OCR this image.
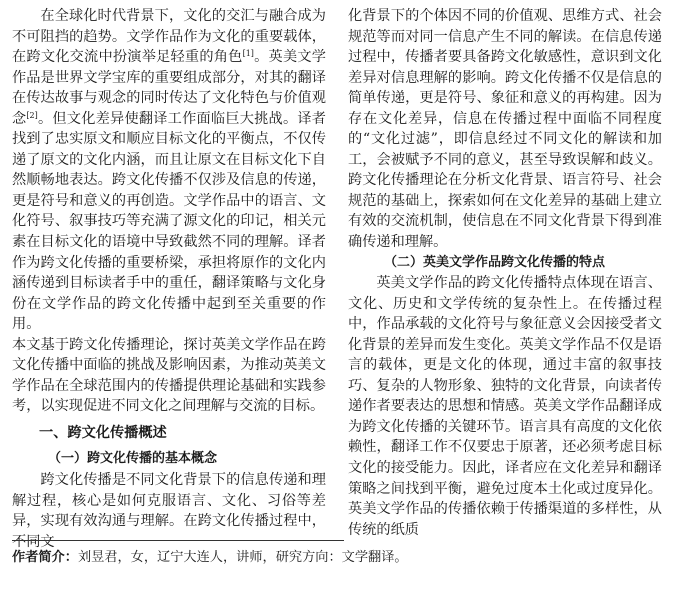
在全球化时代背景下，文化的交汇与融合成为不可阻挡的趋势。文学作品作为文化的重要载体，在跨文化交流中扮演举足轻重的角色[1]。英美文学作品是世界文学宝库的重要组成部分，对其的翻译在传达故事与观念的同时传达了文化特色与价值观念[2]。但文化差异使翻译工作面临巨大挑战。译者找到了忠实原文和顺应目标文化的平衡点，不仅传递了原文的文化内涵，而且让原文在目标文化下自然顺畅地表达。跨文化传播不仅涉及信息的传递，更是符号和意义的再创造。文学作品中的语言、文化符号、叙事技巧等充满了源文化的印记，相关元素在目标文化的语境中导致截然不同的理解。译者作为跨文化传播的重要桥梁，承担将原作的文化内涵传递到目标读者手中的重任，翻译策略与文化身份在文学作品的跨文化传播中起到至关重要的作用。

本文基于跨文化传播理论，探讨英美文学作品在跨文化传播中面临的挑战及影响因素，为推动英美文学作品在全球范围内的传播提供理论基础和实践参考，以实现促进不同文化之间理解与交流的目标。

一、跨文化传播概述
（一）跨文化传播的基本概念

跨文化传播是不同文化背景下的信息传递和理解过程，核心是如何克服语言、文化、习俗等差异，实现有效沟通与理解。在跨文化传播过程中，不同文

化背景下的个体因不同的价值观、思维方式、社会规范等而对同一信息产生不同的解读。在信息传递过程中，传播者要具备跨文化敏感性，意识到文化差异对信息理解的影响。跨文化传播不仅是信息的简单传递，更是符号、象征和意义的再构建。因为存在文化差异，信息在传播过程中面临不同程度的“文化过滤”，即信息经过不同文化的解读和加工，会被赋予不同的意义，甚至导致误解和歧义。跨文化传播理论在分析文化背景、语言符号、社会规范的基础上，探索如何在文化差异的基础上建立有效的交流机制，使信息在不同文化背景下得到准确传递和理解。

（二）英美文学作品跨文化传播的特点

英美文学作品的跨文化传播特点体现在语言、文化、历史和文学传统的复杂性上。在传播过程中，作品承载的文化符号与象征意义会因接受者文化背景的差异而发生变化。英美文学作品不仅是语言的载体，更是文化的体现，通过丰富的叙事技巧、复杂的人物形象、独特的文化背景，向读者传递作者要表达的思想和情感。英美文学作品翻译成为跨文化传播的关键环节。语言具有高度的文化依赖性，翻译工作不仅要忠于原著，还必须考虑目标文化的接受能力。因此，译者应在文化差异和翻译策略之间找到平衡，避免过度本土化或过度异化。英美文学作品的传播依赖于传播渠道的多样性，从传统的纸质

作者简介：刘昱君，女，辽宁大连人，讲师，研究方向：文学翻译。
